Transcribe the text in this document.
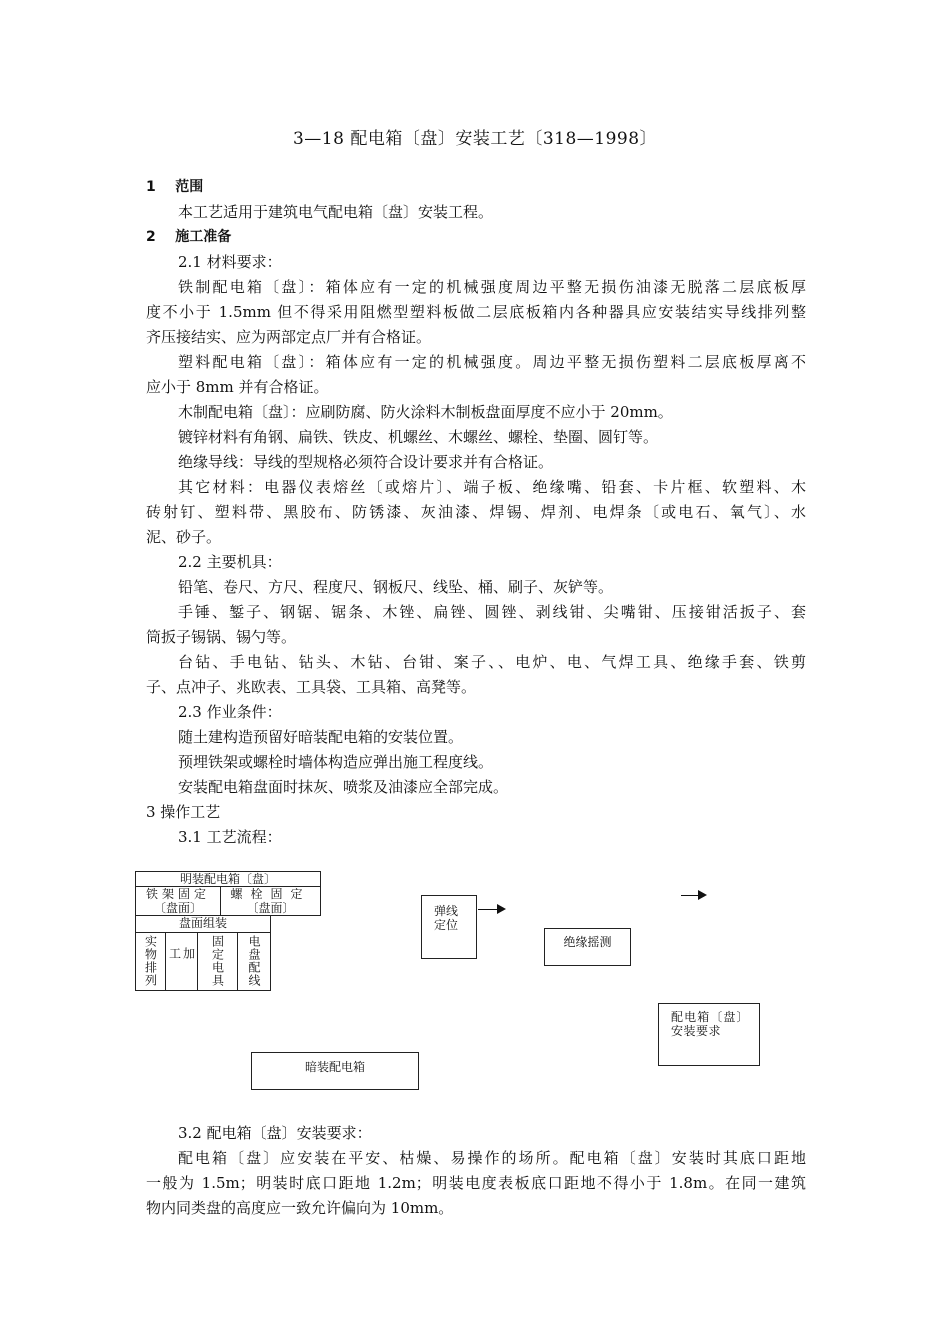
3—18 配电箱〔盘〕安装工艺〔318—1998〕
1 范围
本工艺适用于建筑电气配电箱〔盘〕安装工程。
2 施工准备
2.1 材料要求：
铁制配电箱〔盘〕：箱体应有一定的机械强度周边平整无损伤油漆无脱落二层底板厚
度不小于 1.5mm 但不得采用阻燃型塑料板做二层底板箱内各种器具应安装结实导线排列整
齐压接结实、应为两部定点厂并有合格证。
塑料配电箱〔盘〕：箱体应有一定的机械强度。周边平整无损伤塑料二层底板厚离不
应小于 8mm 并有合格证。
木制配电箱〔盘〕：应刷防腐、防火涂料木制板盘面厚度不应小于 20mm。
镀锌材料有角钢、扁铁、铁皮、机螺丝、木螺丝、螺栓、垫圈、圆钉等。
绝缘导线：导线的型规格必须符合设计要求并有合格证。
其它材料：电器仪表熔丝〔或熔片〕、端子板、绝缘嘴、铅套、卡片框、软塑料、木
砖射钉、塑料带、黑胶布、防锈漆、灰油漆、焊锡、焊剂、电焊条〔或电石、氧气〕、水
泥、砂子。
2.2 主要机具：
铅笔、卷尺、方尺、程度尺、钢板尺、线坠、桶、刷子、灰铲等。
手锤、錾子、钢锯、锯条、木锉、扁锉、圆锉、剥线钳、尖嘴钳、压接钳活扳子、套
筒扳子锡锅、锡勺等。
台钻、手电钻、钻头、木钻、台钳、案子、、电炉、电、气焊工具、绝缘手套、铁剪
子、点冲子、兆欧表、工具袋、工具箱、高凳等。
2.3 作业条件：
随土建构造预留好暗装配电箱的安装位置。
预埋铁架或螺栓时墙体构造应弹出施工程度线。
安装配电箱盘面时抹灰、喷浆及油漆应全部完成。
3 操作工艺
3.1 工艺流程：
明装配电箱〔盘〕
铁架固定
〔盘面〕
螺栓固定
〔盘面〕
盘面组装
实物排列	加工	固定电具 电盘配线
弹线定位
绝缘摇测
配电箱〔盘〕安装要求
暗装配电箱
3.2 配电箱〔盘〕安装要求：
配电箱〔盘〕应安装在平安、枯燥、易操作的场所。配电箱〔盘〕安装时其底口距地
一般为 1.5m；明装时底口距地 1.2m；明装电度表板底口距地不得小于 1.8m。在同一建筑
物内同类盘的高度应一致允许偏向为 10mm。
